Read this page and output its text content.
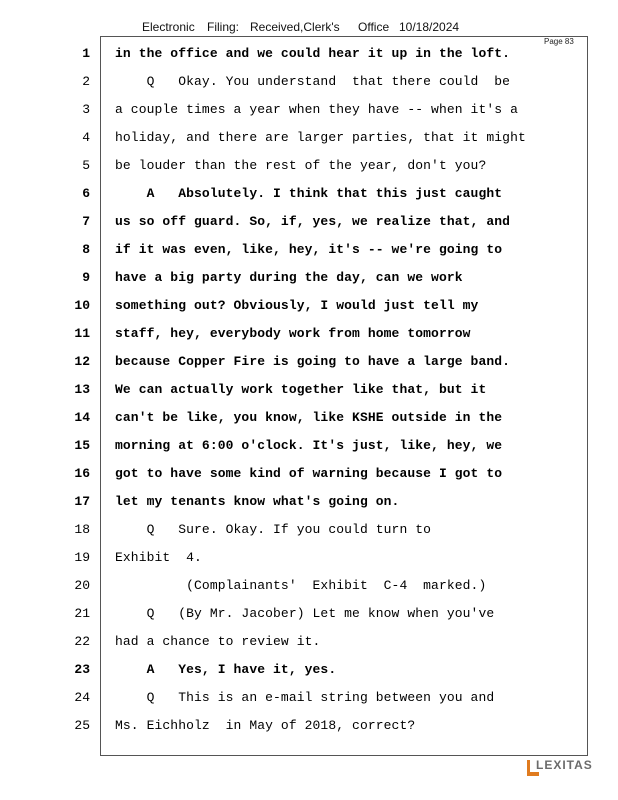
Electronic Filing: Received,Clerk's Office 10/18/2024
Page 83
1 in the office and we could hear it up in the loft.
2 Q   Okay. You understand  that there could  be
3 a couple times a year when they have -- when it's a
4 holiday, and there are larger parties, that it might
5 be louder than the rest of the year, don't you?
6 A   Absolutely. I think that this just caught
7 us so off guard. So, if, yes, we realize that, and
8 if it was even, like, hey, it's -- we're going to
9 have a big party during the day, can we work
10 something out? Obviously, I would just tell my
11 staff, hey, everybody work from home tomorrow
12 because Copper Fire is going to have a large band.
13 We can actually work together like that, but it
14 can't be like, you know, like KSHE outside in the
15 morning at 6:00 o'clock. It's just, like, hey, we
16 got to have some kind of warning because I got to
17 let my tenants know what's going on.
18 Q   Sure. Okay. If you could turn to
19 Exhibit  4.
20 (Complainants'  Exhibit  C-4  marked.)
21 Q   (By Mr. Jacober) Let me know when you've
22 had a chance to review it.
23 A   Yes, I have it, yes.
24 Q   This is an e-mail string between you and
25 Ms. Eichholz  in May of 2018, correct?
LEXITAS
